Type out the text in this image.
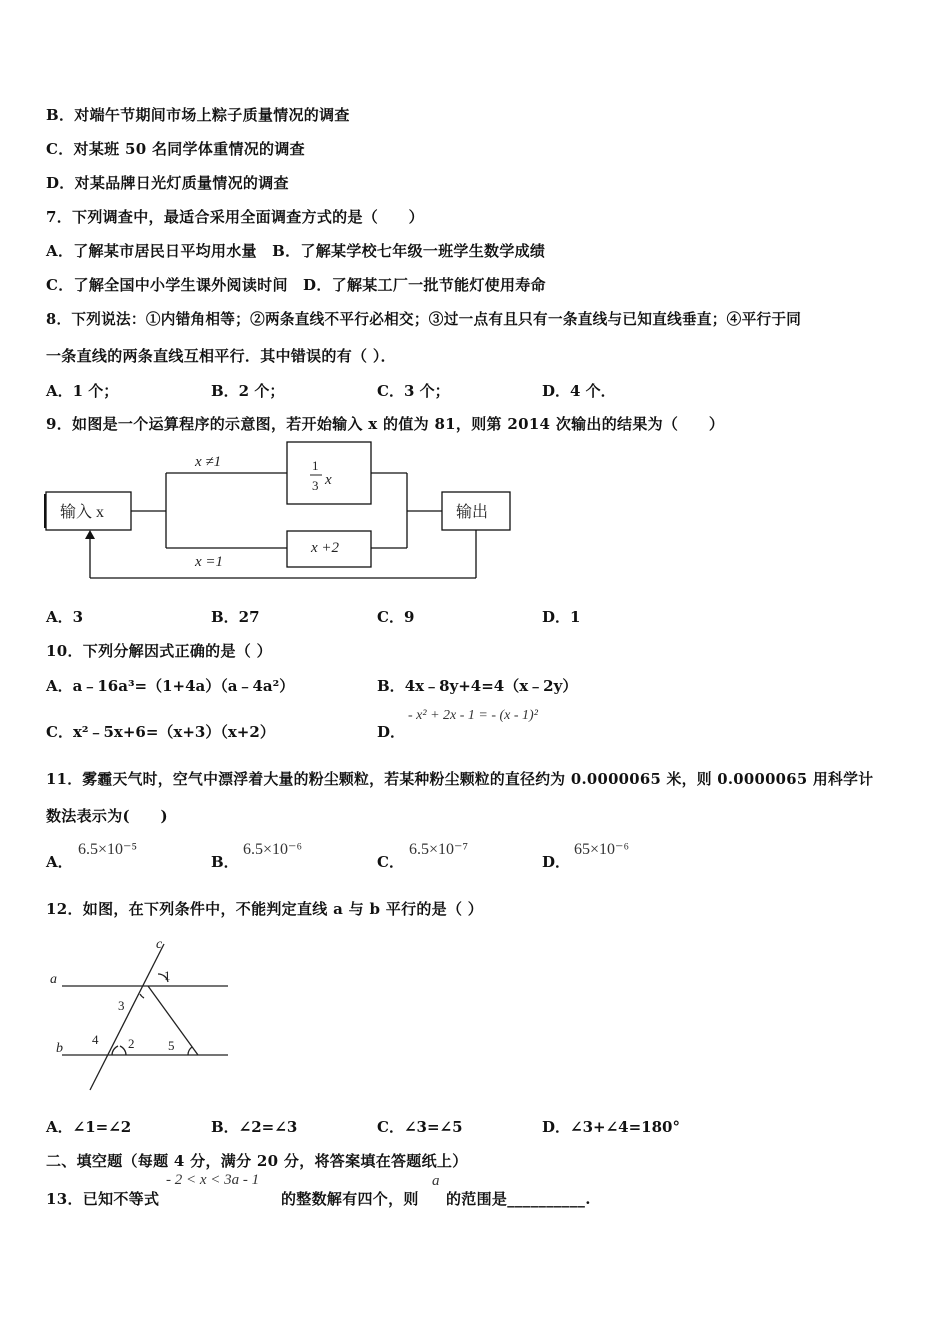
B．对端午节期间市场上粽子质量情况的调查
C．对某班 50 名同学体重情况的调查
D．对某品牌日光灯质量情况的调查
7．下列调查中，最适合采用全面调查方式的是（　　）
A．了解某市居民日平均用水量　B．了解某学校七年级一班学生数学成绩
C．了解全国中小学生课外阅读时间　D．了解某工厂一批节能灯使用寿命
8．下列说法：①内错角相等；②两条直线不平行必相交；③过一点有且只有一条直线与已知直线垂直；④平行于同
一条直线的两条直线互相平行．其中错误的有（ ）．
A．1 个；	B．2 个；	C．3 个；	D．4 个．
9．如图是一个运算程序的示意图，若开始输入 x 的值为 81，则第 2014 次输出的结果为（　　）
输入 x	输出
x ≠1
x =1
x +2
1
3 x
A．3	B．27	C．9	D．1
10．下列分解因式正确的是（ ）
A．a﹣16a³=（1+4a）（a﹣4a²）	B．4x﹣8y+4=4（x﹣2y）
C．x²﹣5x+6=（x+3）（x+2）	D．
- x² + 2x - 1 = - (x - 1)²
11．雾霾天气时，空气中漂浮着大量的粉尘颗粒，若某种粉尘颗粒的直径约为 0.0000065 米，则 0.0000065 用科学计
数法表示为(　　)
A．
6.5×10⁻⁵
B．
6.5×10⁻⁶
C．
6.5×10⁻⁷
D．
65×10⁻⁶
12．如图，在下列条件中，不能判定直线 a 与 b 平行的是（ ）
a
b
c
1
2
3
4	5
A．∠1=∠2	B．∠2=∠3	C．∠3=∠5	D．∠3+∠4=180°
二、填空题（每题 4 分，满分 20 分，将答案填在答题纸上）
13．已知不等式
- 2 < x < 3a - 1
的整数解有四个，则
a
的范围是__________.
